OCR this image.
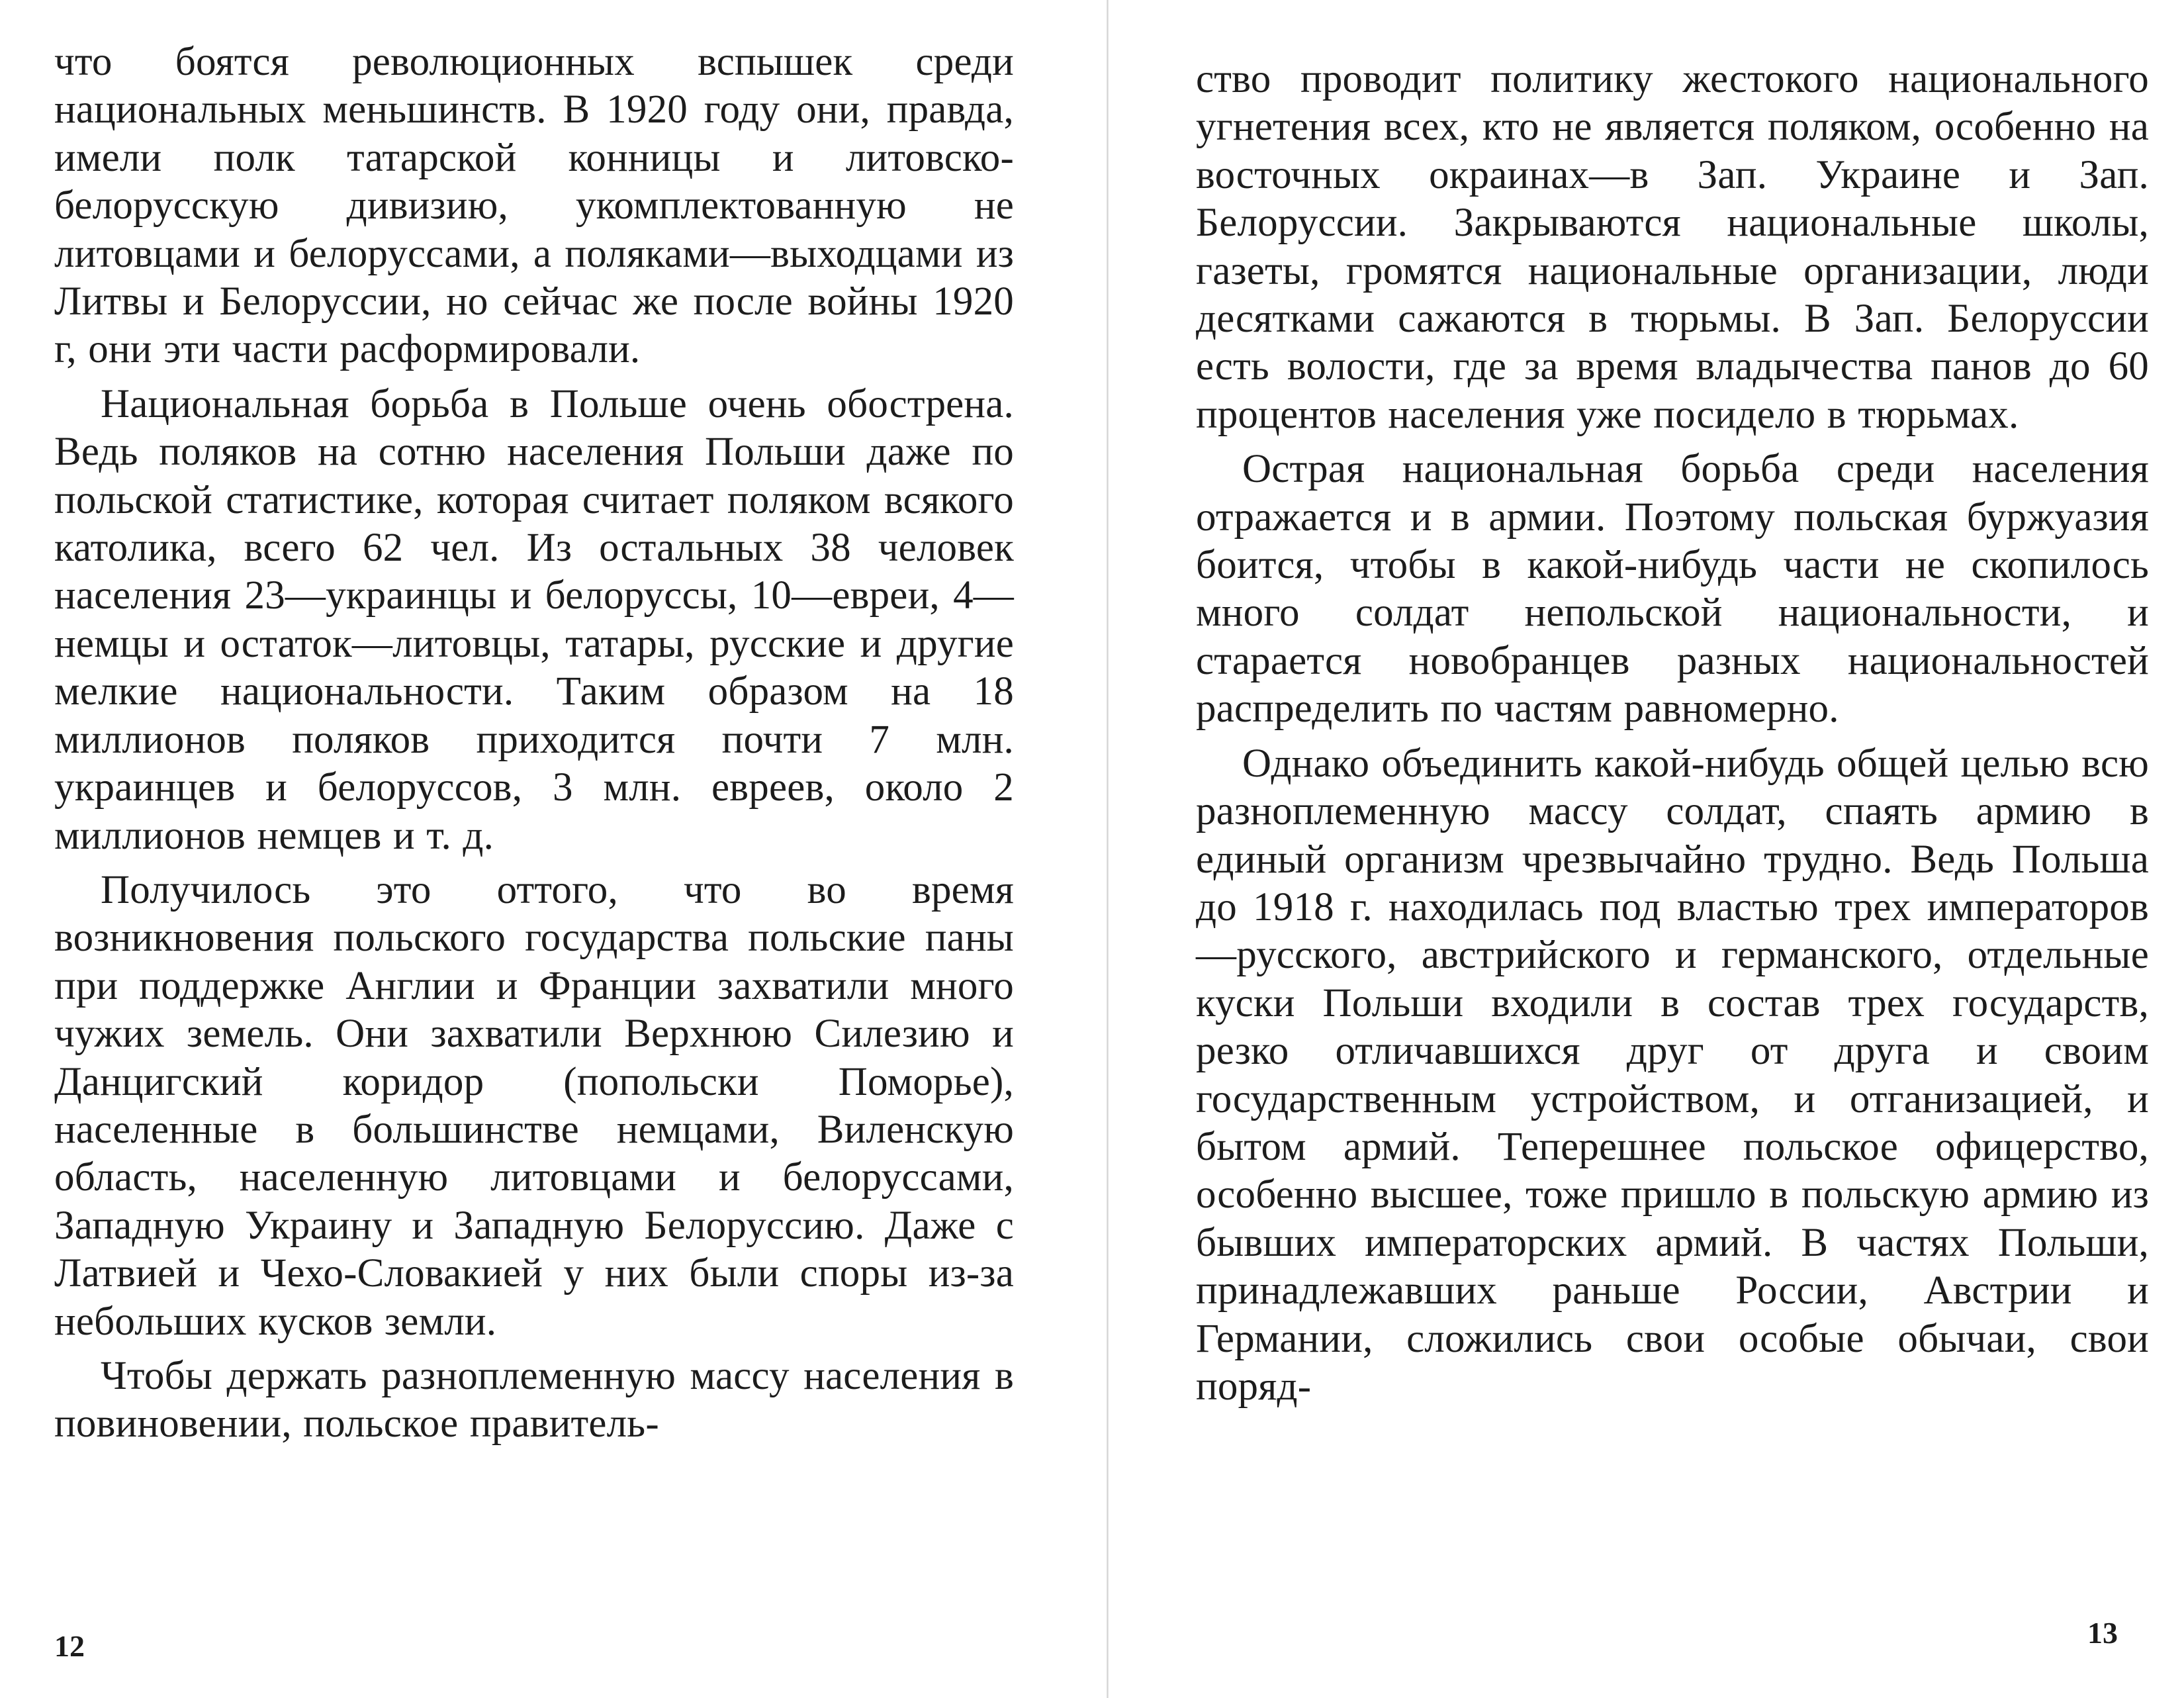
что боятся революционных вспышек среди национальных меньшинств. В 1920 году они, правда, имели полк татарской конницы и литовско-белорусскую дивизию, укомплектованную не литовцами и белоруссами, а поляками—выходцами из Литвы и Белоруссии, но сейчас же после войны 1920 г, они эти части расформировали.

Национальная борьба в Польше очень обострена. Ведь поляков на сотню населения Польши даже по польской статистике, которая считает поляком всякого католика, всего 62 чел. Из остальных 38 человек населения 23—украинцы и белоруссы, 10—евреи, 4—немцы и остаток—литовцы, татары, русские и другие мелкие национальности. Таким образом на 18 миллионов поляков приходится почти 7 млн. украинцев и белоруссов, 3 млн. евреев, около 2 миллионов немцев и т. д.

Получилось это оттого, что во время возникновения польского государства польские паны при поддержке Англии и Франции захватили много чужих земель. Они захватили Верхнюю Силезию и Данцигский коридор (попольски Поморье), населенные в большинстве немцами, Виленскую область, населенную литовцами и белоруссами, Западную Украину и Западную Белоруссию. Даже с Латвией и Чехо-Словакией у них были споры из-за небольших кусков земли.

Чтобы держать разноплеменную массу населения в повиновении, польское правитель-

12

ство проводит политику жестокого национального угнетения всех, кто не является поляком, особенно на восточных окраинах—в Зап. Украине и Зап. Белоруссии. Закрываются национальные школы, газеты, громятся национальные организации, люди десятками сажаются в тюрьмы. В Зап. Белоруссии есть волости, где за время владычества панов до 60 процентов населения уже посидело в тюрьмах.

Острая национальная борьба среди населения отражается и в армии. Поэтому польская буржуазия боится, чтобы в какой-нибудь части не скопилось много солдат непольской национальности, и старается новобранцев разных национальностей распределить по частям равномерно.

Однако объединить какой-нибудь общей целью всю разноплеменную массу солдат, спаять армию в единый организм чрезвычайно трудно. Ведь Польша до 1918 г. находилась под властью трех императоров—русского, австрийского и германского, отдельные куски Польши входили в состав трех государств, резко отличавшихся друг от друга и своим государственным устройством, и отганизацией, и бытом армий. Теперешнее польское офицерство, особенно высшее, тоже пришло в польскую армию из бывших императорских армий. В частях Польши, принадлежавших раньше России, Австрии и Германии, сложились свои особые обычаи, свои поряд-

13
